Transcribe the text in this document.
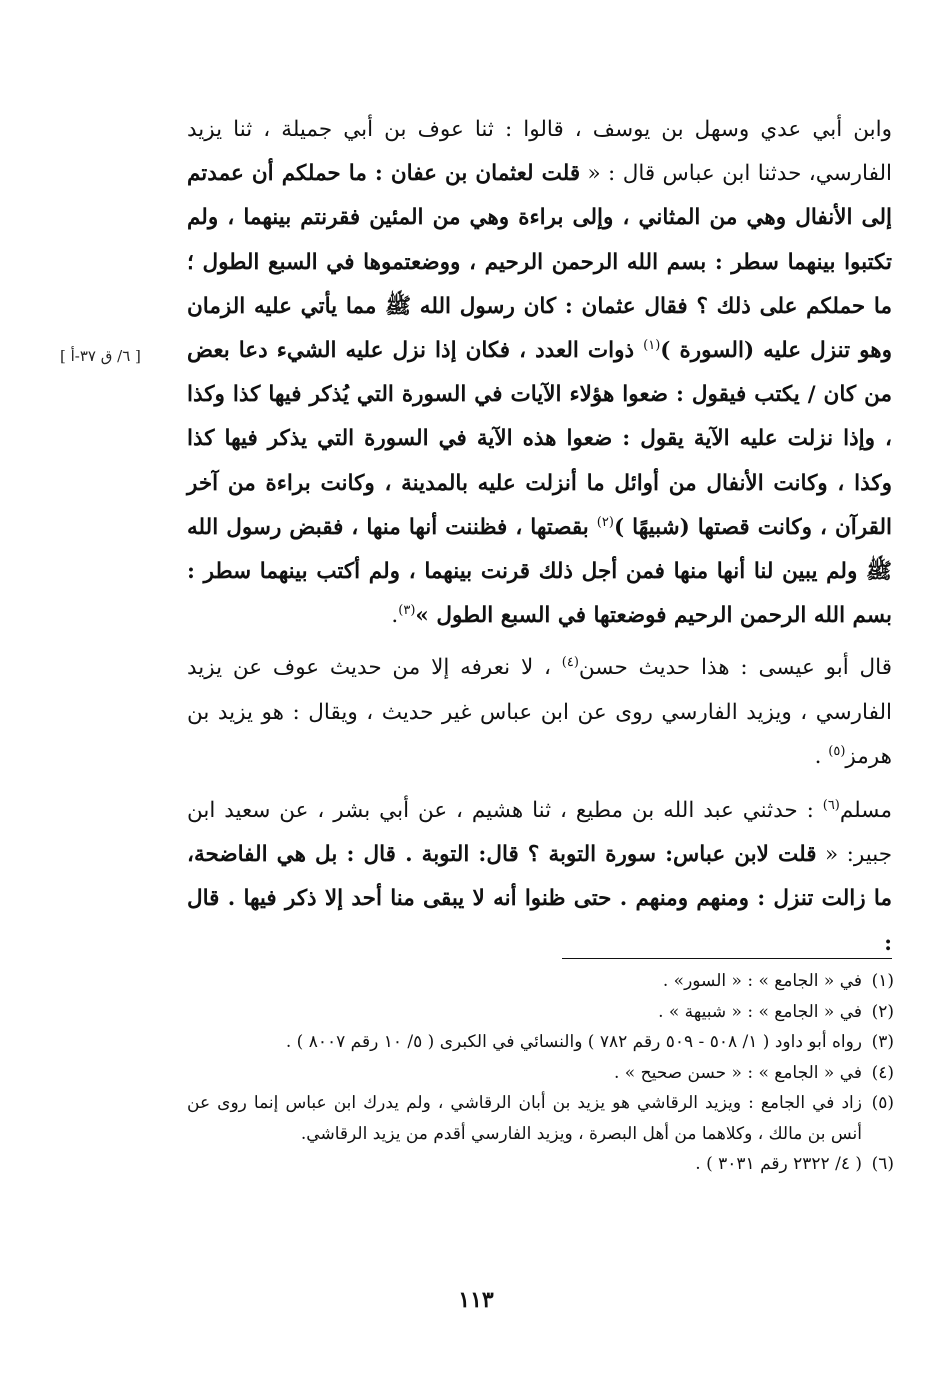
[ ٦/ ق ٣٧-أ ]

وابن أبي عدي وسهل بن يوسف ، قالوا : ثنا عوف بن أبي جميلة ، ثنا يزيد الفارسي، حدثنا ابن عباس قال : « قلت لعثمان بن عفان : ما حملكم أن عمدتم إلى الأنفال وهي من المثاني ، وإلى براءة وهي من المئين فقرنتم بينهما ، ولم تكتبوا بينهما سطر : بسم الله الرحمن الرحيم ، ووضعتموها في السبع الطول ؛ ما حملكم على ذلك ؟ فقال عثمان : كان رسول الله ﷺ مما يأتي عليه الزمان وهو تنزل عليه (السورة )$^{(١)}$ ذوات العدد ، فكان إذا نزل عليه الشيء دعا بعض من كان / يكتب فيقول : ضعوا هؤلاء الآيات في السورة التي يُذكر فيها كذا وكذا ، وإذا نزلت عليه الآية يقول : ضعوا هذه الآية في السورة التي يذكر فيها كذا وكذا ، وكانت الأنفال من أوائل ما أنزلت عليه بالمدينة ، وكانت براءة من آخر القرآن ، وكانت قصتها (شبيهًا )$^{(٢)}$ بقصتها ، فظننت أنها منها ، فقبض رسول الله ﷺ ولم يبين لنا أنها منها فمن أجل ذلك قرنت بينهما ، ولم أكتب بينهما سطر : بسم الله الرحمن الرحيم فوضعتها في السبع الطول »$^{(٣)}$.

قال أبو عيسى : هذا حديث حسن$^{(٤)}$ ، لا نعرفه إلا من حديث عوف عن يزيد الفارسي ، ويزيد الفارسي روى عن ابن عباس غير حديث ، ويقال : هو يزيد بن هرمز$^{(٥)}$ .

مسلم$^{(٦)}$ : حدثني عبد الله بن مطيع ، ثنا هشيم ، عن أبي بشر ، عن سعيد ابن جبير: « قلت لابن عباس: سورة التوبة ؟ قال: التوبة . قال : بل هي الفاضحة، ما زالت تنزل : ومنهم ومنهم . حتى ظنوا أنه لا يبقى منا أحد إلا ذكر فيها . قال :

(١)
في « الجامع » : « السور» .

(٢)
في « الجامع » : « شبيهة » .

(٣)
رواه أبو داود ( ١/ ٥٠٨ - ٥٠٩ رقم ٧٨٢ ) والنسائي في الكبرى ( ٥/ ١٠ رقم ٨٠٠٧ ) .

(٤)
في « الجامع » : « حسن صحيح » .

(٥)
زاد في الجامع : ويزيد الرقاشي هو يزيد بن أبان الرقاشي ، ولم يدرك ابن عباس إنما روى عن أنس بن مالك ، وكلاهما من أهل البصرة ، ويزيد الفارسي أقدم من يزيد الرقاشي.

(٦)
( ٤/ ٢٣٢٢ رقم ٣٠٣١ ) .

١١٣
